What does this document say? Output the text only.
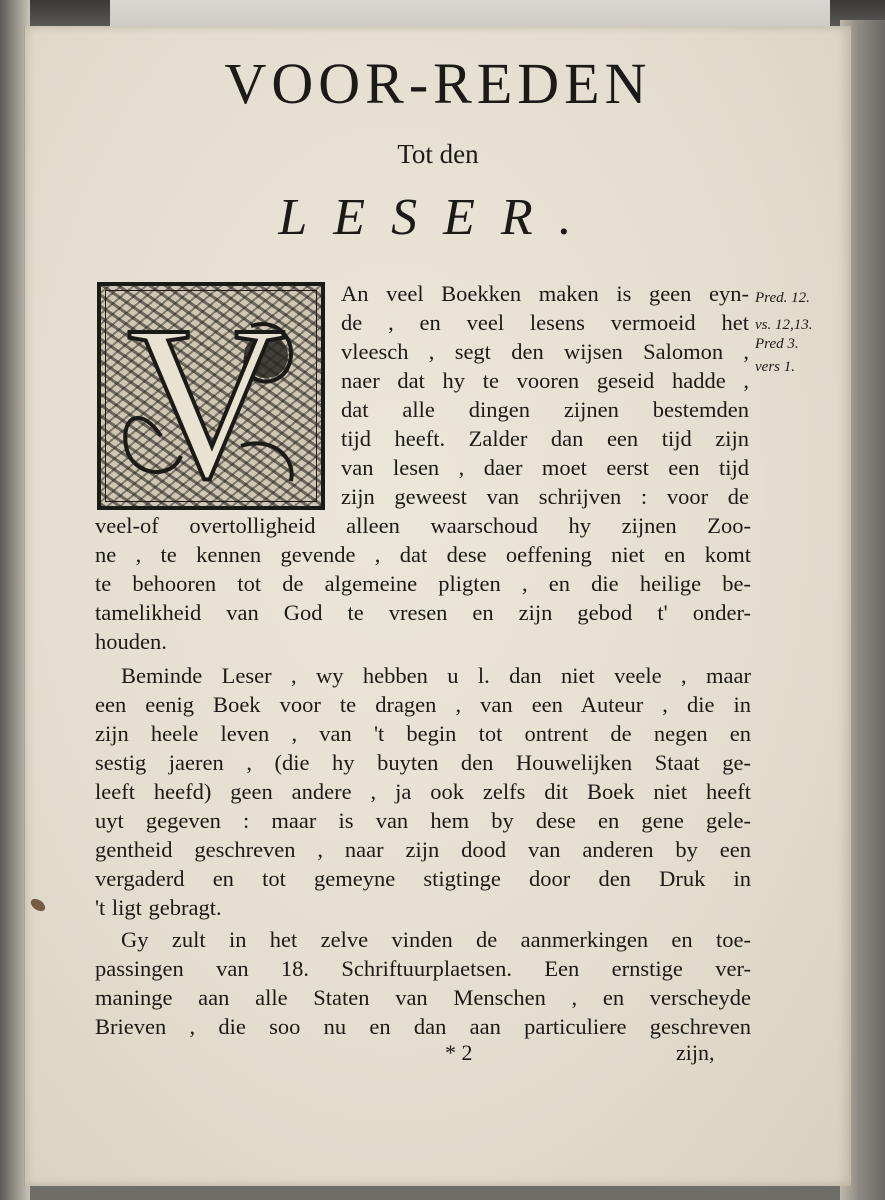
VOOR-REDEN
Tot den
LESER.
V An veel Boekken maken is geen eyn-
de , en veel lesens vermoeid het
vleesch , segt den wijsen Salomon ,
naer dat hy te vooren geseid hadde ,
dat alle dingen zijnen bestemden
tijd heeft. Zalder dan een tijd zijn
van lesen , daer moet eerst een tijd
zijn geweest van schrijven : voor de
veel-of overtolligheid alleen waarschoud hy zijnen Zoo-
ne , te kennen gevende , dat dese oeffening niet en komt
te behooren tot de algemeine pligten , en die heilige be-
tamelikheid van God te vresen en zijn gebod t' onder-
houden.
Beminde Leser , wy hebben u l. dan niet veele , maar
een eenig Boek voor te dragen , van een Auteur , die in
zijn heele leven , van 't begin tot ontrent de negen en
sestig jaeren , (die hy buyten den Houwelijken Staat ge-
leeft heefd) geen andere , ja ook zelfs dit Boek niet heeft
uyt gegeven : maar is van hem by dese en gene gele-
gentheid geschreven , naar zijn dood van anderen by een
vergaderd en tot gemeyne stigtinge door den Druk in
't ligt gebragt.
Gy zult in het zelve vinden de aanmerkingen en toe-
passingen van 18. Schriftuurplaetsen. Een ernstige ver-
maninge aan alle Staten van Menschen , en verscheyde
Brieven , die soo nu en dan aan particuliere geschreven
Pred. 12.
vs. 12,13.
Pred 3.
vers 1.
* 2	zijn,
